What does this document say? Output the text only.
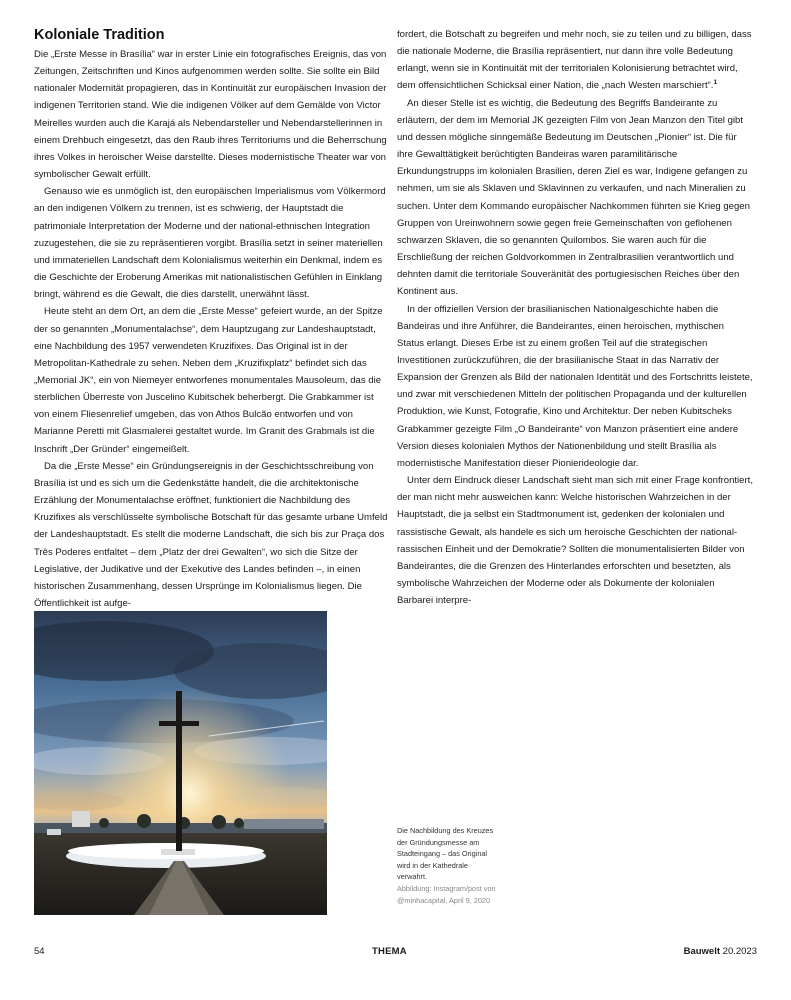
Koloniale Tradition

Die „Erste Messe in Brasília“ war in erster Linie ein fotografisches Ereignis, das von Zeitungen, Zeitschriften und Kinos aufgenommen werden sollte. Sie sollte ein Bild nationaler Modernität propagieren, das in Kontinuität zur europäischen Invasion der indigenen Territorien stand. Wie die indigenen Völker auf dem Gemälde von Victor Meirelles wurden auch die Karajá als Nebendarsteller und Nebendarstellerinnen in einem Drehbuch eingesetzt, das den Raub ihres Territoriums und die Beherrschung ihres Volkes in heroischer Weise darstellte. Dieses modernistische Theater war von symbolischer Gewalt erfüllt.

Genauso wie es unmöglich ist, den europäischen Imperialismus vom Völkermord an den indigenen Völkern zu trennen, ist es schwierig, der Hauptstadt die patrimoniale Interpretation der Moderne und der national-ethnischen Integration zuzugestehen, die sie zu repräsentieren vorgibt. Brasília setzt in seiner materiellen und immateriellen Landschaft dem Kolonialismus weiterhin ein Denkmal, indem es die Geschichte der Eroberung Amerikas mit nationalistischen Gefühlen in Einklang bringt, während es die Gewalt, die dies darstellt, unerwähnt lässt.

Heute steht an dem Ort, an dem die „Erste Messe“ gefeiert wurde, an der Spitze der so genannten „Monumentalachse“, dem Hauptzugang zur Landeshauptstadt, eine Nachbildung des 1957 verwendeten Kruzifixes. Das Original ist in der Metropolitan-Kathedrale zu sehen. Neben dem „Kruzifixplatz“ befindet sich das „Memorial JK“, ein von Niemeyer entworfenes monumentales Mausoleum, das die sterblichen Überreste von Juscelino Kubitschek beherbergt. Die Grabkammer ist von einem Fliesenrelief umgeben, das von Athos Bulcão entworfen und von Marianne Peretti mit Glasmalerei gestaltet wurde. Im Granit des Grabmals ist die Inschrift „Der Gründer“ eingemeißelt.

Da die „Erste Messe“ ein Gründungsereignis in der Geschichtsschreibung von Brasília ist und es sich um die Gedenkstätte handelt, die die architektonische Erzählung der Monumentalachse eröffnet, funktioniert die Nachbildung des Kruzifixes als verschlüsselte symbolische Botschaft für das gesamte urbane Umfeld der Landeshauptstadt. Es stellt die moderne Landschaft, die sich bis zur Praça dos Três Poderes entfaltet – dem „Platz der drei Gewalten“, wo sich die Sitze der Legislative, der Judikative und der Exekutive des Landes befinden –, in einen historischen Zusammenhang, dessen Ursprünge im Kolonialismus liegen. Die Öffentlichkeit ist aufge-

fordert, die Botschaft zu begreifen und mehr noch, sie zu teilen und zu billigen, dass die nationale Moderne, die Brasília repräsentiert, nur dann ihre volle Bedeutung erlangt, wenn sie in Kontinuität mit der territorialen Kolonisierung betrachtet wird, dem offensichtlichen Schicksal einer Nation, die „nach Westen marschiert“.$^1$

An dieser Stelle ist es wichtig, die Bedeutung des Begriffs Bandeirante zu erläutern, der dem im Memorial JK gezeigten Film von Jean Manzon den Titel gibt und dessen mögliche sinngemäße Bedeutung im Deutschen „Pionier“ ist. Die für ihre Gewalttätigkeit berüchtigten Bandeiras waren paramilitärische Erkundungstrupps im kolonialen Brasilien, deren Ziel es war, Indigene gefangen zu nehmen, um sie als Sklaven und Sklavinnen zu verkaufen, und nach Mineralien zu suchen. Unter dem Kommando europäischer Nachkommen führten sie Krieg gegen Gruppen von Ureinwohnern sowie gegen freie Gemeinschaften von geflohenen schwarzen Sklaven, die so genannten Quilombos. Sie waren auch für die Erschließung der reichen Goldvorkommen in Zentralbrasilien verantwortlich und dehnten damit die territoriale Souveränität des portugiesischen Reiches über den Kontinent aus.

In der offiziellen Version der brasilianischen Nationalgeschichte haben die Bandeiras und ihre Anführer, die Bandeirantes, einen heroischen, mythischen Status erlangt. Dieses Erbe ist zu einem großen Teil auf die strategischen Investitionen zurückzuführen, die der brasilianische Staat in das Narrativ der Expansion der Grenzen als Bild der nationalen Identität und des Fortschritts leistete, und zwar mit verschiedenen Mitteln der politischen Propaganda und der kulturellen Produktion, wie Kunst, Fotografie, Kino und Architektur. Der neben Kubitscheks Grabkammer gezeigte Film „O Bandeirante“ von Manzon präsentiert eine andere Version dieses kolonialen Mythos der Nationenbildung und stellt Brasília als modernistische Manifestation dieser Pionierideologie dar.

Unter dem Eindruck dieser Landschaft sieht man sich mit einer Frage konfrontiert, der man nicht mehr ausweichen kann: Welche historischen Wahrzeichen in der Hauptstadt, die ja selbst ein Stadtmonument ist, gedenken der kolonialen und rassistische Gewalt, als handele es sich um heroische Geschichten der national-rassischen Einheit und der Demokratie? Sollten die monumentalisierten Bilder von Bandeirantes, die die Grenzen des Hinterlandes erforschten und besetzten, als symbolische Wahrzeichen der Moderne oder als Dokumente der kolonialen Barbarei interpre-

Die Nachbildung des Kreuzes der Gründungsmesse am Stadteingang – das Original wird in der Kathedrale verwahrt.
Abbildung: Instagram/post von @minhacapital, April 9, 2020
54	THEMA	Bauwelt 20.2023
